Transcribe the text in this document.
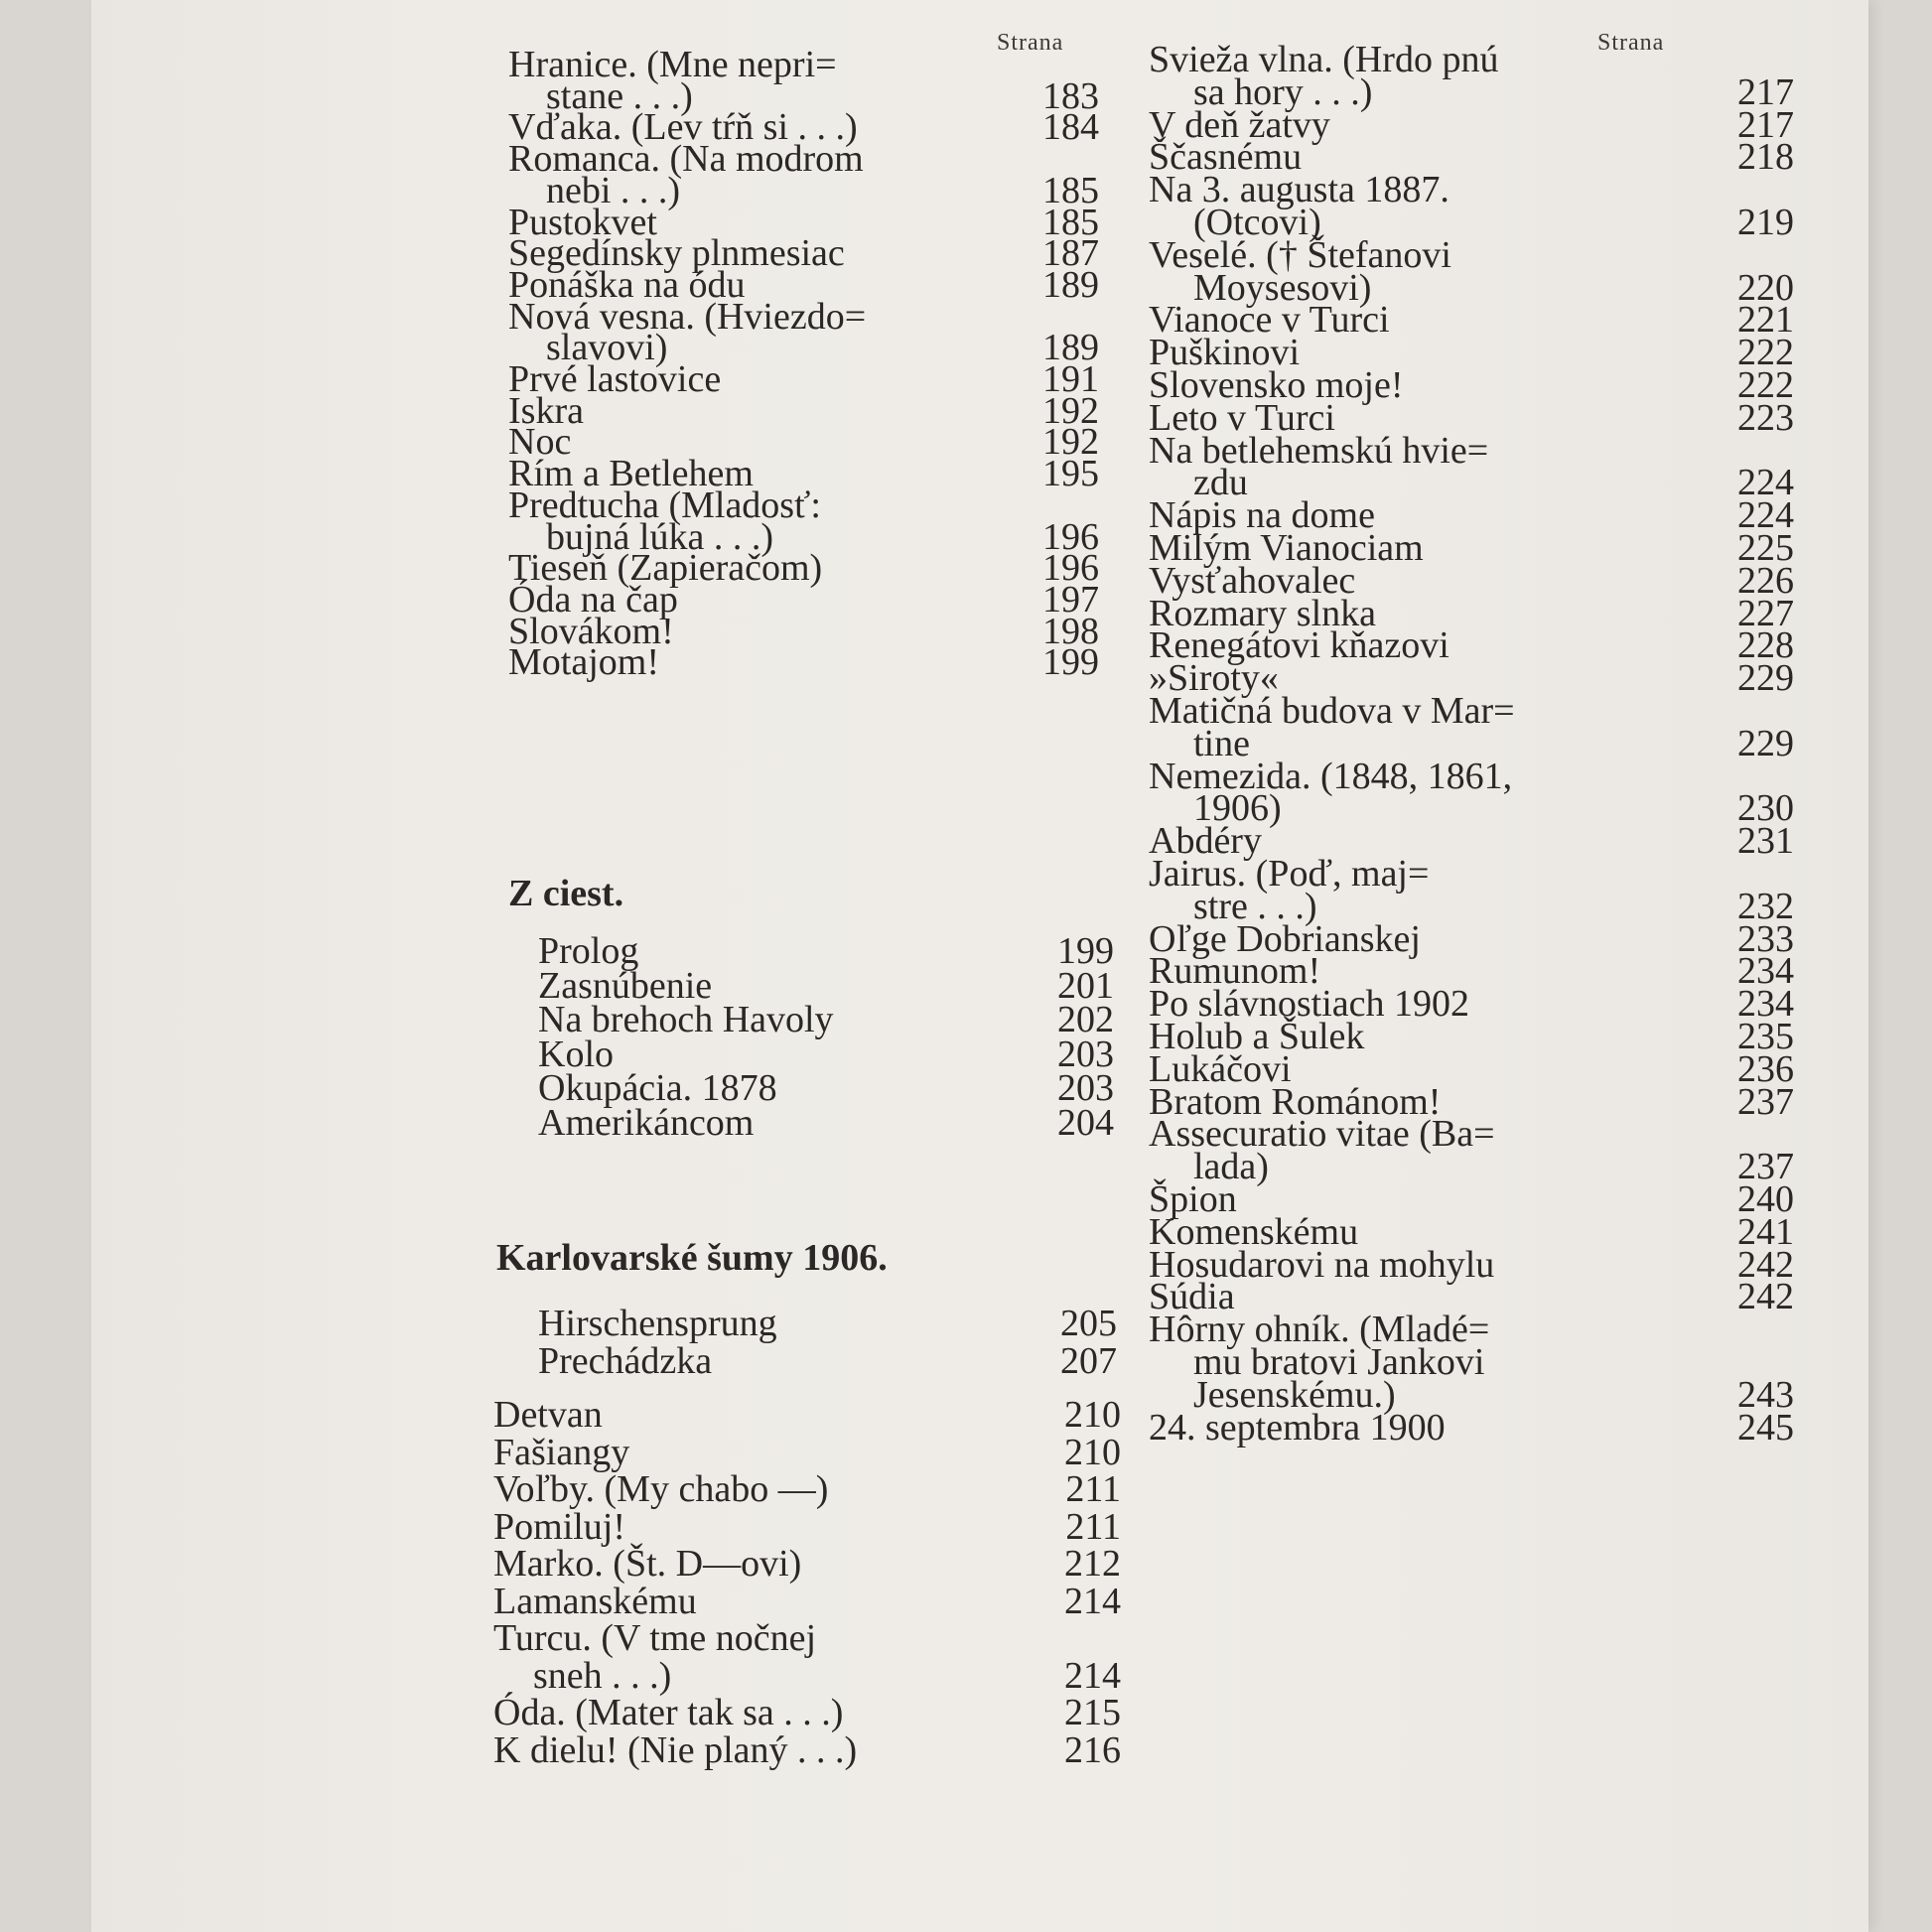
Strana
Hranice. (Mne nepri=
stane . . .)	183
Vďaka. (Lev tŕň si . . .)	184
Romanca. (Na modrom
nebi . . .)	185
Pustokvet	185
Segedínsky plnmesiac	187
Ponáška na ódu	189
Nová vesna. (Hviezdo=
slavovi)	189
Prvé lastovice	191
Iskra	192
Noc	192
Rím a Betlehem	195
Predtucha (Mladosť:
bujná lúka . . .)	196
Tieseň (Zapieračom)	196
Óda na čap	197
Slovákom!	198
Motajom!	199
Z ciest.
Prolog	199
Zasnúbenie	201
Na brehoch Havoly	202
Kolo	203
Okupácia. 1878	203
Amerikáncom	204
Karlovarské šumy 1906.
Hirschensprung	205
Prechádzka	207
Detvan	210
Fašiangy	210
Voľby. (My chabo —)	211
Pomiluj!	211
Marko. (Št. D—ovi)	212
Lamanskému	214
Turcu. (V tme nočnej
sneh . . .)	214
Óda. (Mater tak sa . . .)	215
K dielu! (Nie planý . . .)	216
Strana
Svieža vlna. (Hrdo pnú
sa hory . . .)	217
V deň žatvy	217
Ščasnému	218
Na 3. augusta 1887.
(Otcovi)	219
Veselé. († Štefanovi
Moysesovi)	220
Vianoce v Turci	221
Puškinovi	222
Slovensko moje!	222
Leto v Turci	223
Na betlehemskú hvie=
zdu	224
Nápis na dome	224
Milým Vianociam	225
Vysťahovalec	226
Rozmary slnka	227
Renegátovi kňazovi	228
»Siroty«	229
Matičná budova v Mar=
tine	229
Nemezida. (1848, 1861,
1906)	230
Abdéry	231
Jairus. (Poď, maj=
stre . . .)	232
Oľge Dobrianskej	233
Rumunom!	234
Po slávnostiach 1902	234
Holub a Šulek	235
Lukáčovi	236
Bratom Románom!	237
Assecuratio vitae (Ba=
lada)	237
Špion	240
Komenskému	241
Hosudarovi na mohylu	242
Súdia	242
Hôrny ohník. (Mladé=
mu bratovi Jankovi
Jesenskému.)	243
24. septembra 1900	245
